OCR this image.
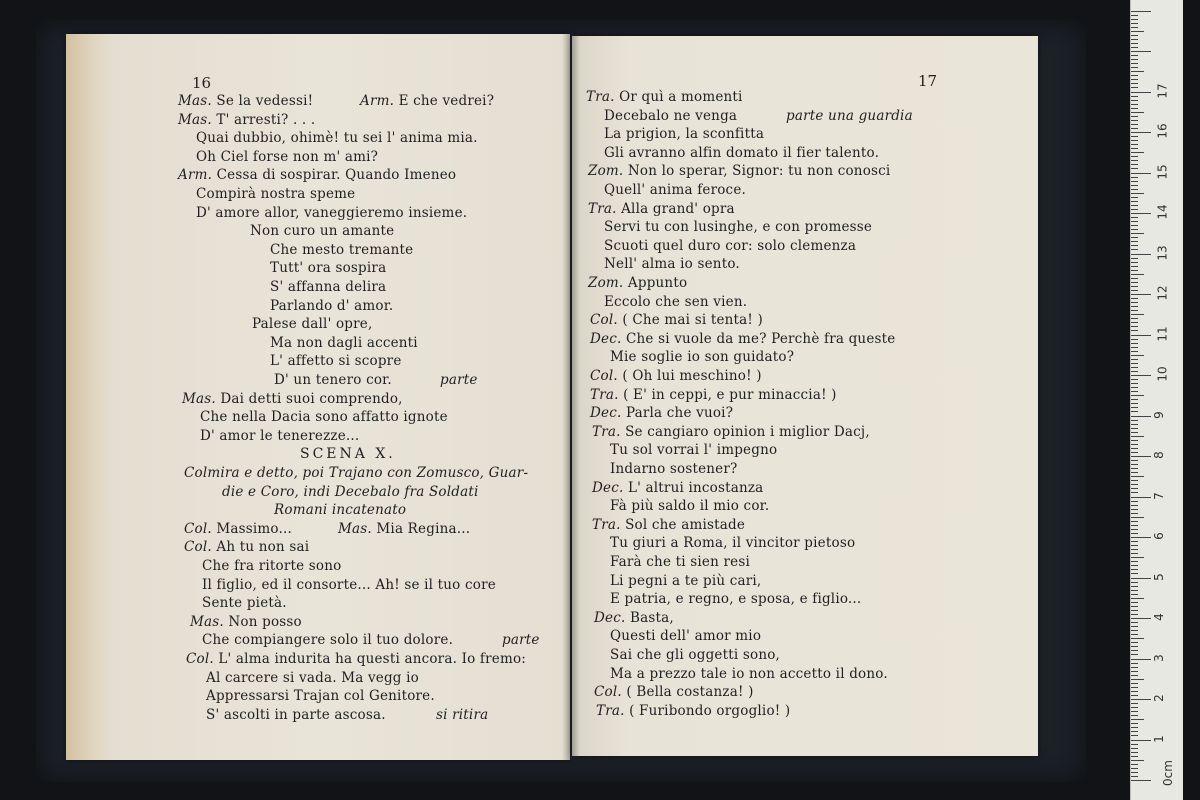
16	17
Mas. Se la vedessi!	Arm. E che vedrei?
Mas. T' arresti? . . .
Quai dubbio, ohimè! tu sei l' anima mia.
Oh Ciel forse non m' ami?
Arm. Cessa di sospirar. Quando Imeneo
Compirà nostra speme
D' amore allor, vaneggieremo insieme.
Non curo un amante
Che mesto tremante
Tutt' ora sospira
S' affanna delira
Parlando d' amor.
Palese dall' opre,
Ma non dagli accenti
L' affetto si scopre
D' un tenero cor.	parte
Mas. Dai detti suoi comprendo,
Che nella Dacia sono affatto ignote
D' amor le tenerezze...
SCENA X.
Colmira e detto, poi Trajano con Zomusco, Guar-
die e Coro, indi Decebalo fra Soldati
Romani incatenato
Col. Massimo...	Mas. Mia Regina...
Col. Ah tu non sai
Che fra ritorte sono
Il figlio, ed il consorte... Ah! se il tuo core
Sente pietà.
Mas. Non posso
Che compiangere solo il tuo dolore.	parte
Col. L' alma indurita ha questi ancora. Io fremo:
Al carcere si vada. Ma vegg io
Appressarsi Trajan col Genitore.
S' ascolti in parte ascosa.	si ritira
Tra. Or quì a momenti
Decebalo ne venga	parte una guardia
La prigion, la sconfitta
Gli avranno alfin domato il fier talento.
Zom. Non lo sperar, Signor: tu non conosci
Quell' anima feroce.
Tra. Alla grand' opra
Servi tu con lusinghe, e con promesse
Scuoti quel duro cor: solo clemenza
Nell' alma io sento.
Zom. Appunto
Eccolo che sen vien.
Col. ( Che mai si tenta! )
Dec. Che si vuole da me? Perchè fra queste
Mie soglie io son guidato?
Col. ( Oh lui meschino! )
Tra. ( E' in ceppi, e pur minaccia! )
Dec. Parla che vuoi?
Tra. Se cangiaro opinion i miglior Dacj,
Tu sol vorrai l' impegno
Indarno sostener?
Dec. L' altrui incostanza
Fà più saldo il mio cor.
Tra. Sol che amistade
Tu giuri a Roma, il vincitor pietoso
Farà che ti sien resi
Li pegni a te più cari,
E patria, e regno, e sposa, e figlio...
Dec. Basta,
Questi dell' amor mio
Sai che gli oggetti sono,
Ma a prezzo tale io non accetto il dono.
Col. ( Bella costanza! )
Tra. ( Furibondo orgoglio! )
0cm
1
2
3
4
5
6
7
8
9
10
11
12
13
14
15
16
17
